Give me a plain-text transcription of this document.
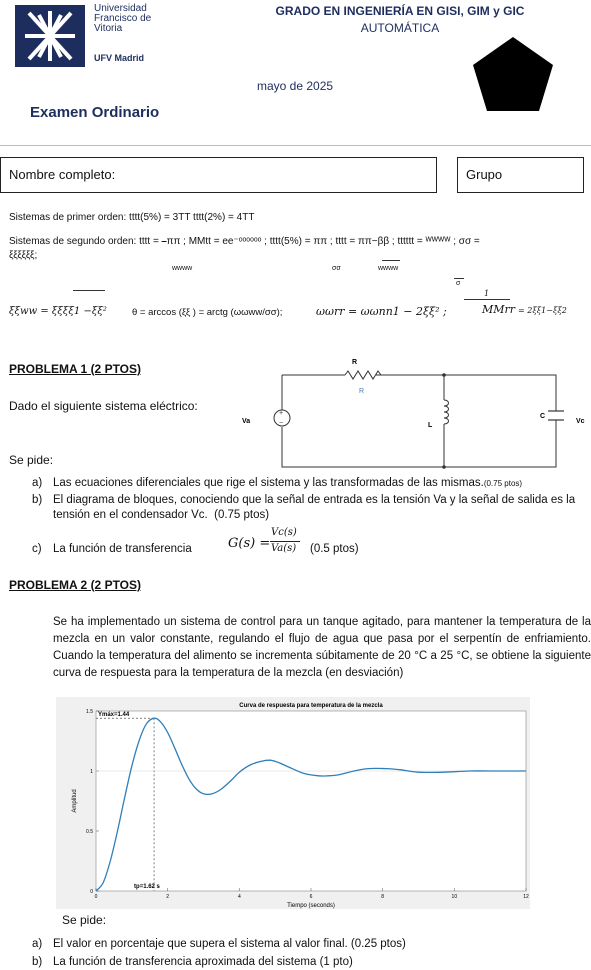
Universidad
Francisco de
Vitoria
UFV Madrid
GRADO EN INGENIERÍA EN GISI, GIM y GIC
AUTOMÁTICA
mayo de 2025
Examen Ordinario
Nombre completo:	Grupo
Sistemas de primer orden: tttt(5%) = 3TT tttt(2%) = 4TT
Sistemas de segundo orden: tttt = ⎯ππ ; MMtt = ee⁻ᵒᵒᵒᵒᵒᵒ ; tttt(5%) = ππ ; tttt = ππ−ββ ; tttttt = ᵂᵂᵂᵂ ; σσ =
ξξξξξξ;
wwww	σσ	wwww
σ
ξξww = ξξξξ1 −ξξ²	θ = arccos (ξξ ) = arctg (ωωww/σσ);	ωωrr = ωωnn1 − 2ξξ² ;
1
MMrr = 2ξξ1−ξξ2
PROBLEMA 1 (2 PTOS)
Dado el siguiente sistema eléctrico:
+
−
R
R
L
C
Va	Vc
Se pide:
a) Las ecuaciones diferenciales que rige el sistema y las transformadas de las mismas.(0.75 ptos)
b) El diagrama de bloques, conociendo que la señal de entrada es la tensión Va y la señal de salida es la tensión en el condensador Vc. (0.75 ptos)
c) La función de transferencia	G(s) =
Vc(s)
Va(s) (0.5 ptos)
PROBLEMA 2 (2 PTOS)
Se ha implementado un sistema de control para un tanque agitado, para mantener la temperatura de la mezcla en un valor constante, regulando el flujo de agua que pasa por el serpentín de enfriamiento. Cuando la temperatura del alimento se incrementa súbitamente de 20 °C a 25 °C, se obtiene la siguiente curva de respuesta para la temperatura de la mezcla (en desviación)
Curva de respuesta para temperatura de la mezcla
Tiempo (seconds)
Amplitud
0	2	4	6	8	10	12
0
0.5
1
1.5
Ymáx=1.44
tp=1.62 s
Se pide:
a) El valor en porcentaje que supera el sistema al valor final. (0.25 ptos)
b) La función de transferencia aproximada del sistema (1 pto)
